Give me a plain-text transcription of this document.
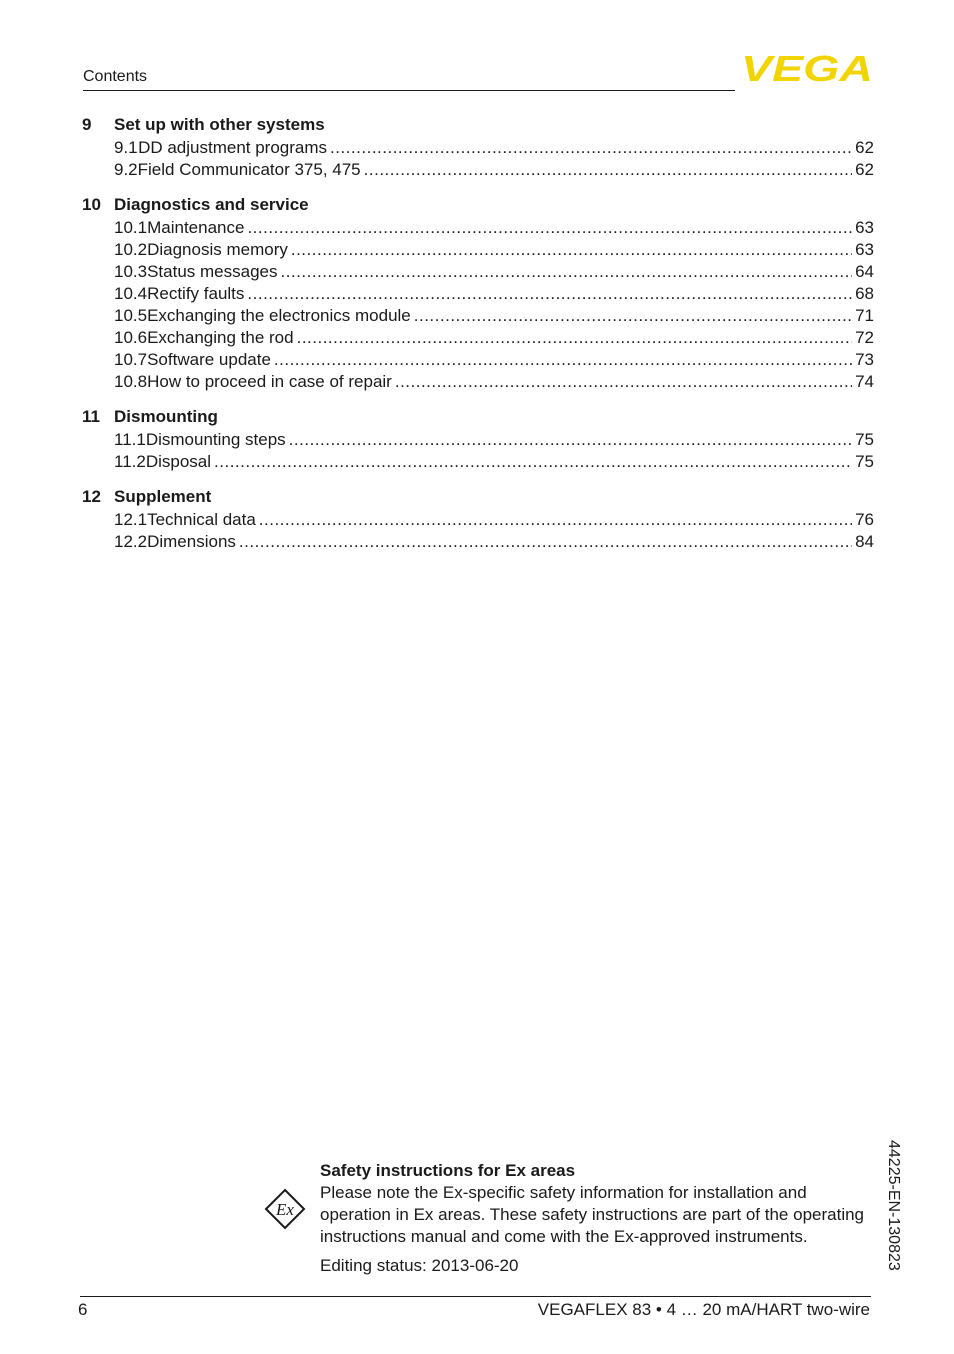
Contents	VEGA
9	Set up with other systems
9.1 DD adjustment programs .....	62
9.2 Field Communicator 375, 475 .....	62
10 Diagnostics and service
10.1 Maintenance .....	63
10.2 Diagnosis memory .....	63
10.3 Status messages .....	64
10.4 Rectify faults .....	68
10.5 Exchanging the electronics module .....	71
10.6 Exchanging the rod .....	72
10.7 Software update .....	73
10.8 How to proceed in case of repair .....	74
11 Dismounting
11.1 Dismounting steps .....	75
11.2 Disposal .....	75
12 Supplement
12.1 Technical data .....	76
12.2 Dimensions .....	84
Ex
Safety instructions for Ex areas
Please note the Ex-specific safety information for installation and operation in Ex areas. These safety instructions are part of the operating instructions manual and come with the Ex-approved instruments.
Editing status: 2013-06-20	44225-EN-130823
6	VEGAFLEX 83 • 4 … 20 mA/HART two-wire
